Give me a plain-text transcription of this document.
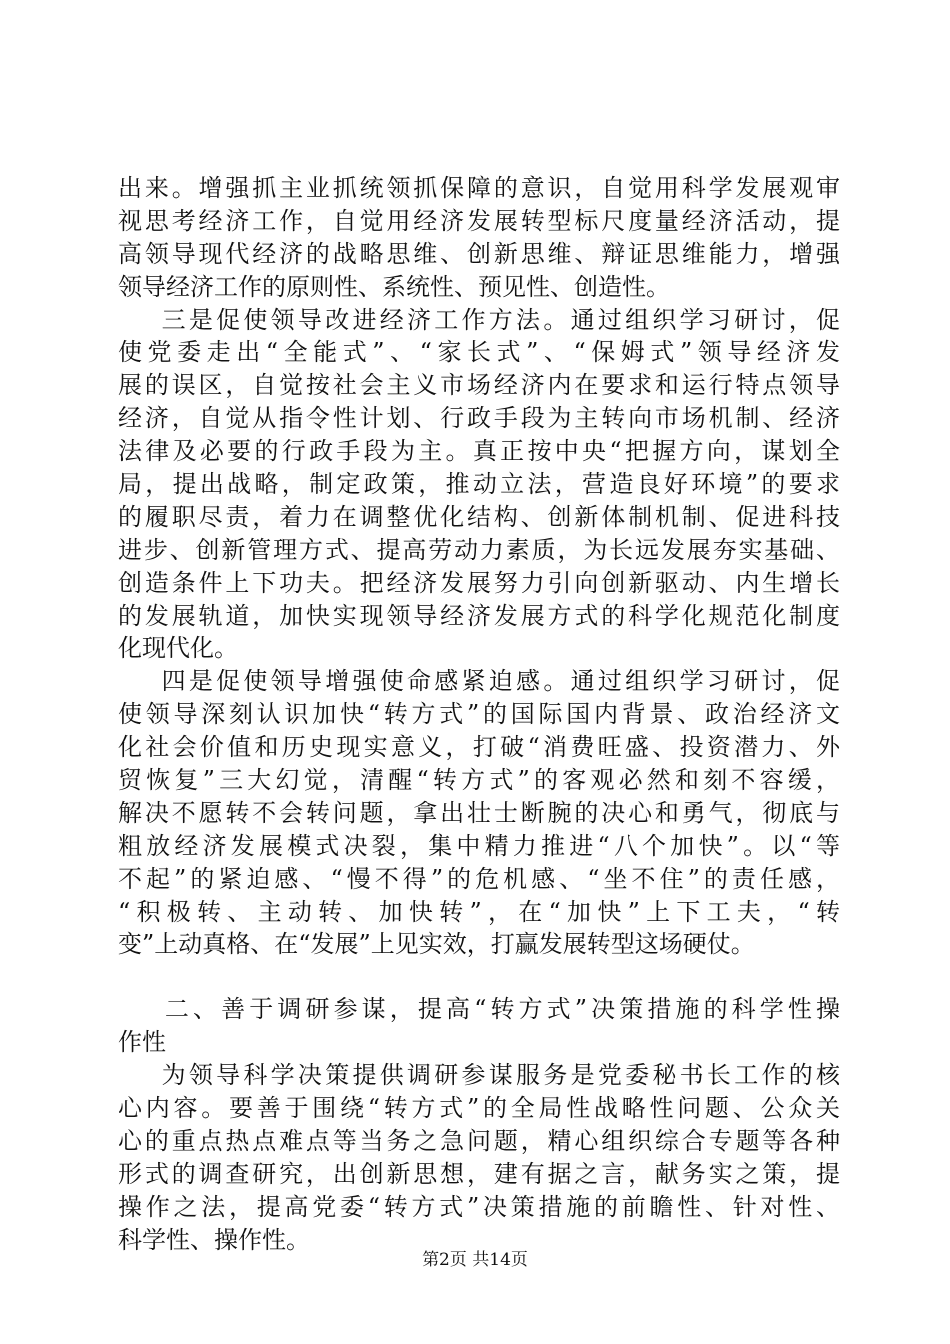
出来。增强抓主业抓统领抓保障的意识，自觉用科学发展观审
视思考经济工作，自觉用经济发展转型标尺度量经济活动，提
高领导现代经济的战略思维、创新思维、辩证思维能力，增强
领导经济工作的原则性、系统性、预见性、创造性。
三是促使领导改进经济工作方法。通过组织学习研讨，促
使党委走出“全能式”、“家长式”、“保姆式”领导经济发
展的误区，自觉按社会主义市场经济内在要求和运行特点领导
经济，自觉从指令性计划、行政手段为主转向市场机制、经济
法律及必要的行政手段为主。真正按中央“把握方向，谋划全
局，提出战略，制定政策，推动立法，营造良好环境”的要求
的履职尽责，着力在调整优化结构、创新体制机制、促进科技
进步、创新管理方式、提高劳动力素质，为长远发展夯实基础、
创造条件上下功夫。把经济发展努力引向创新驱动、内生增长
的发展轨道，加快实现领导经济发展方式的科学化规范化制度
化现代化。
四是促使领导增强使命感紧迫感。通过组织学习研讨，促
使领导深刻认识加快“转方式”的国际国内背景、政治经济文
化社会价值和历史现实意义，打破“消费旺盛、投资潜力、外
贸恢复”三大幻觉，清醒“转方式”的客观必然和刻不容缓，
解决不愿转不会转问题，拿出壮士断腕的决心和勇气，彻底与
粗放经济发展模式决裂，集中精力推进“八个加快”。以“等
不起”的紧迫感、“慢不得”的危机感、“坐不住”的责任感，
“积极转、主动转、加快转”，在“加快”上下工夫，“转
变”上动真格、在“发展”上见实效，打赢发展转型这场硬仗。
二、善于调研参谋，提高“转方式”决策措施的科学性操
作性
为领导科学决策提供调研参谋服务是党委秘书长工作的核
心内容。要善于围绕“转方式”的全局性战略性问题、公众关
心的重点热点难点等当务之急问题，精心组织综合专题等各种
形式的调查研究，出创新思想，建有据之言，献务实之策，提
操作之法，提高党委“转方式”决策措施的前瞻性、针对性、
科学性、操作性。
第2页 共14页
